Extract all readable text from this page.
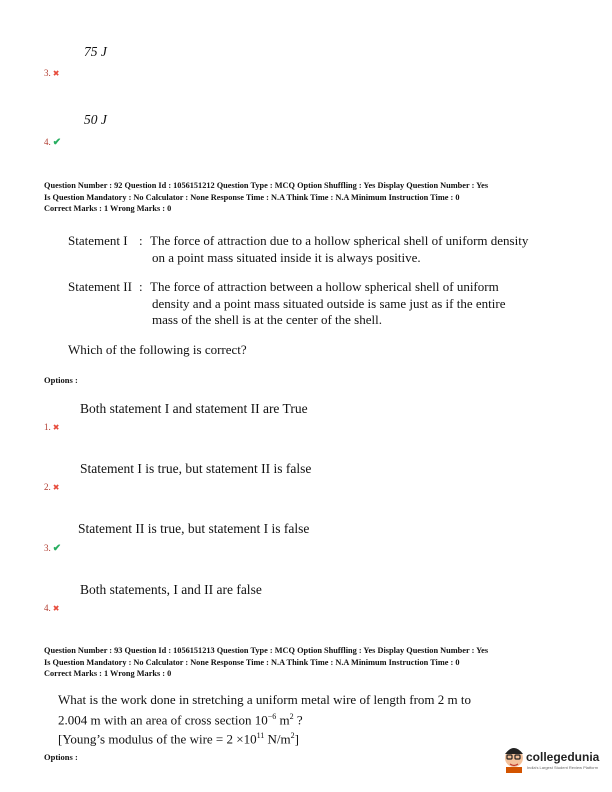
75 J
3. ✖
50 J
4. ✔
Question Number : 92 Question Id : 1056151212 Question Type : MCQ Option Shuffling : Yes Display Question Number : Yes
Is Question Mandatory : No Calculator : None Response Time : N.A Think Time : N.A Minimum Instruction Time : 0
Correct Marks : 1 Wrong Marks : 0
Statement I : The force of attraction due to a hollow spherical shell of uniform density
on a point mass situated inside it is always positive.
Statement II : The force of attraction between a hollow spherical shell of uniform
density and a point mass situated outside is same just as if the entire
mass of the shell is at the center of the shell.
Which of the following is correct?
Options :
Both statement I and statement II are True
1. ✖
Statement I is true, but statement II is false
2. ✖
Statement II is true, but statement I is false
3. ✔
Both statements, I and II are false
4. ✖
Question Number : 93 Question Id : 1056151213 Question Type : MCQ Option Shuffling : Yes Display Question Number : Yes
Is Question Mandatory : No Calculator : None Response Time : N.A Think Time : N.A Minimum Instruction Time : 0
Correct Marks : 1 Wrong Marks : 0
What is the work done in stretching a uniform metal wire of length from 2 m to
2.004 m with an area of cross section $10^{-6}$ $m^2$ ?
[Young’s modulus of the wire = $2 \times 10^{11}$ $N/m^2$]
Options :	collegedunia
India's Largest Student Review Platform
